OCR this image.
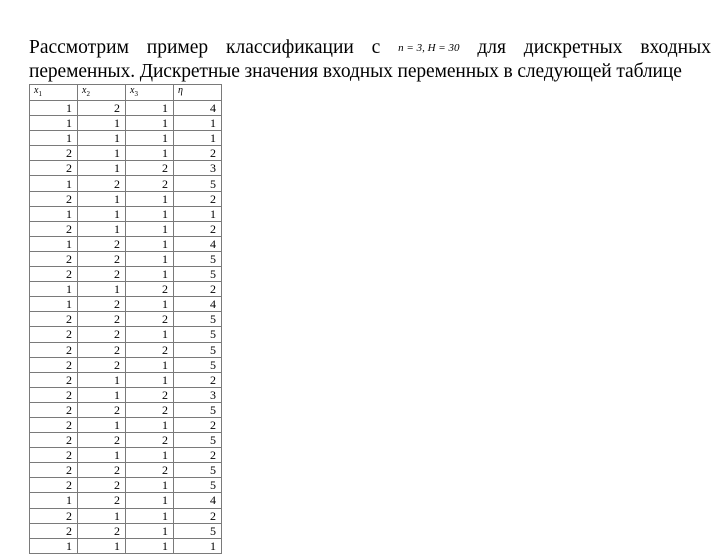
Рассмотрим пример классификации с n = 3, H = 30 для дискретных входных
переменных. Дискретные значения входных переменных в следующей таблице
$x_1$	$x_2$	$x_3$	η
1	2	1	4
1	1	1	1
1	1	1	1
2	1	1	2
2	1	2	3
1	2	2	5
2	1	1	2
1	1	1	1
2	1	1	2
1	2	1	4
2	2	1	5
2	2	1	5
1	1	2	2
1	2	1	4
2	2	2	5
2	2	1	5
2	2	2	5
2	2	1	5
2	1	1	2
2	1	2	3
2	2	2	5
2	1	1	2
2	2	2	5
2	1	1	2
2	2	2	5
2	2	1	5
1	2	1	4
2	1	1	2
2	2	1	5
1	1	1	1
